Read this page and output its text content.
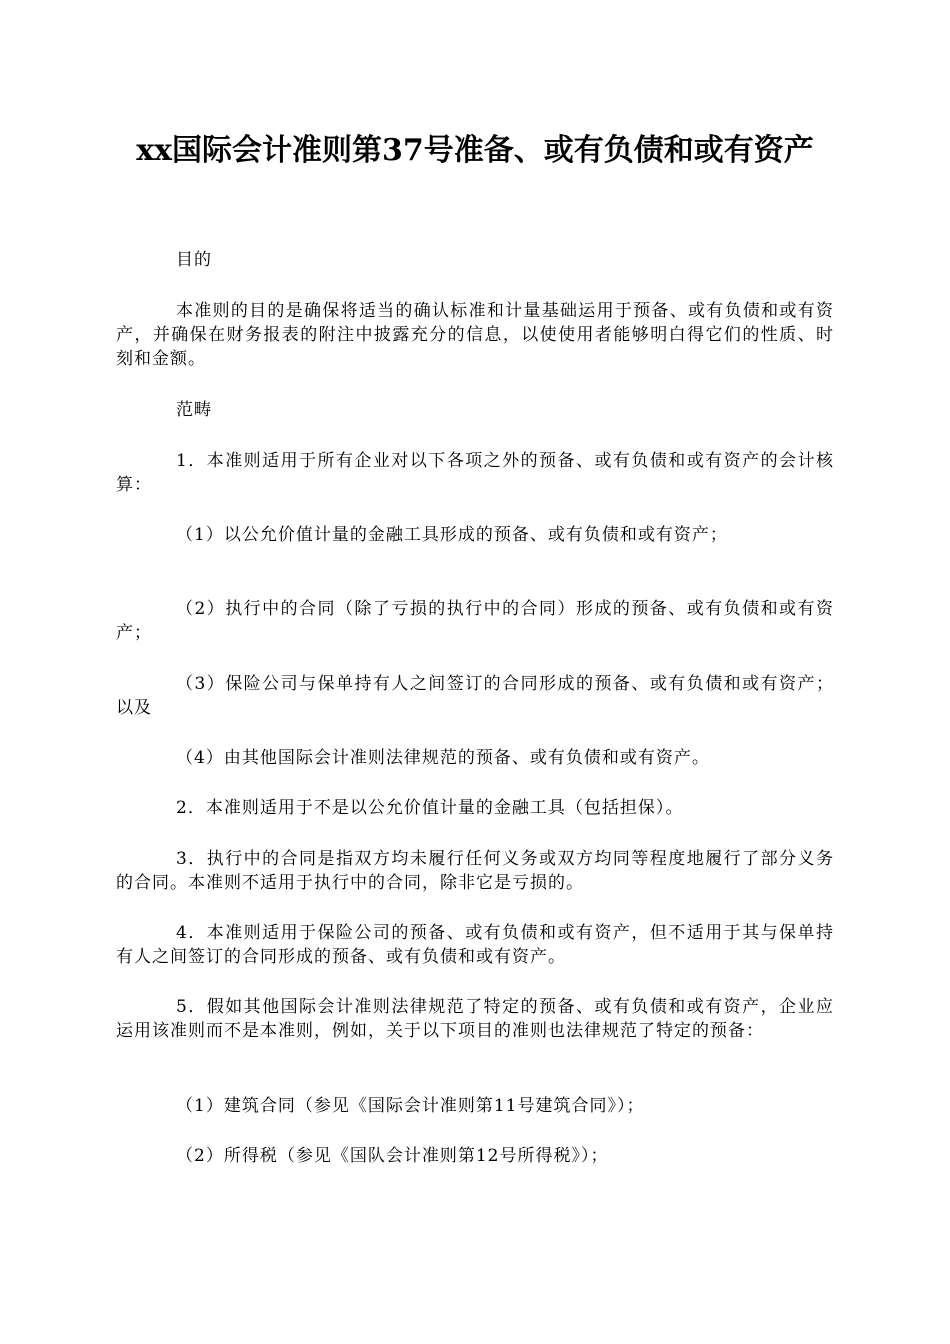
xx国际会计准则第37号准备、或有负债和或有资产

目的

本准则的目的是确保将适当的确认标准和计量基础运用于预备、或有负债和或有资产，并确保在财务报表的附注中披露充分的信息，以使使用者能够明白得它们的性质、时刻和金额。

范畴

1．本准则适用于所有企业对以下各项之外的预备、或有负债和或有资产的会计核算：

（1）以公允价值计量的金融工具形成的预备、或有负债和或有资产；

（2）执行中的合同（除了亏损的执行中的合同）形成的预备、或有负债和或有资产；

（3）保险公司与保单持有人之间签订的合同形成的预备、或有负债和或有资产；以及

（4）由其他国际会计准则法律规范的预备、或有负债和或有资产。

2．本准则适用于不是以公允价值计量的金融工具（包括担保）。

3．执行中的合同是指双方均未履行任何义务或双方均同等程度地履行了部分义务的合同。本准则不适用于执行中的合同，除非它是亏损的。

4．本准则适用于保险公司的预备、或有负债和或有资产，但不适用于其与保单持有人之间签订的合同形成的预备、或有负债和或有资产。

5．假如其他国际会计准则法律规范了特定的预备、或有负债和或有资产，企业应运用该准则而不是本准则，例如，关于以下项目的准则也法律规范了特定的预备：

（1）建筑合同（参见《国际会计准则第11号建筑合同》）；

（2）所得税（参见《国队会计准则第12号所得税》）；
